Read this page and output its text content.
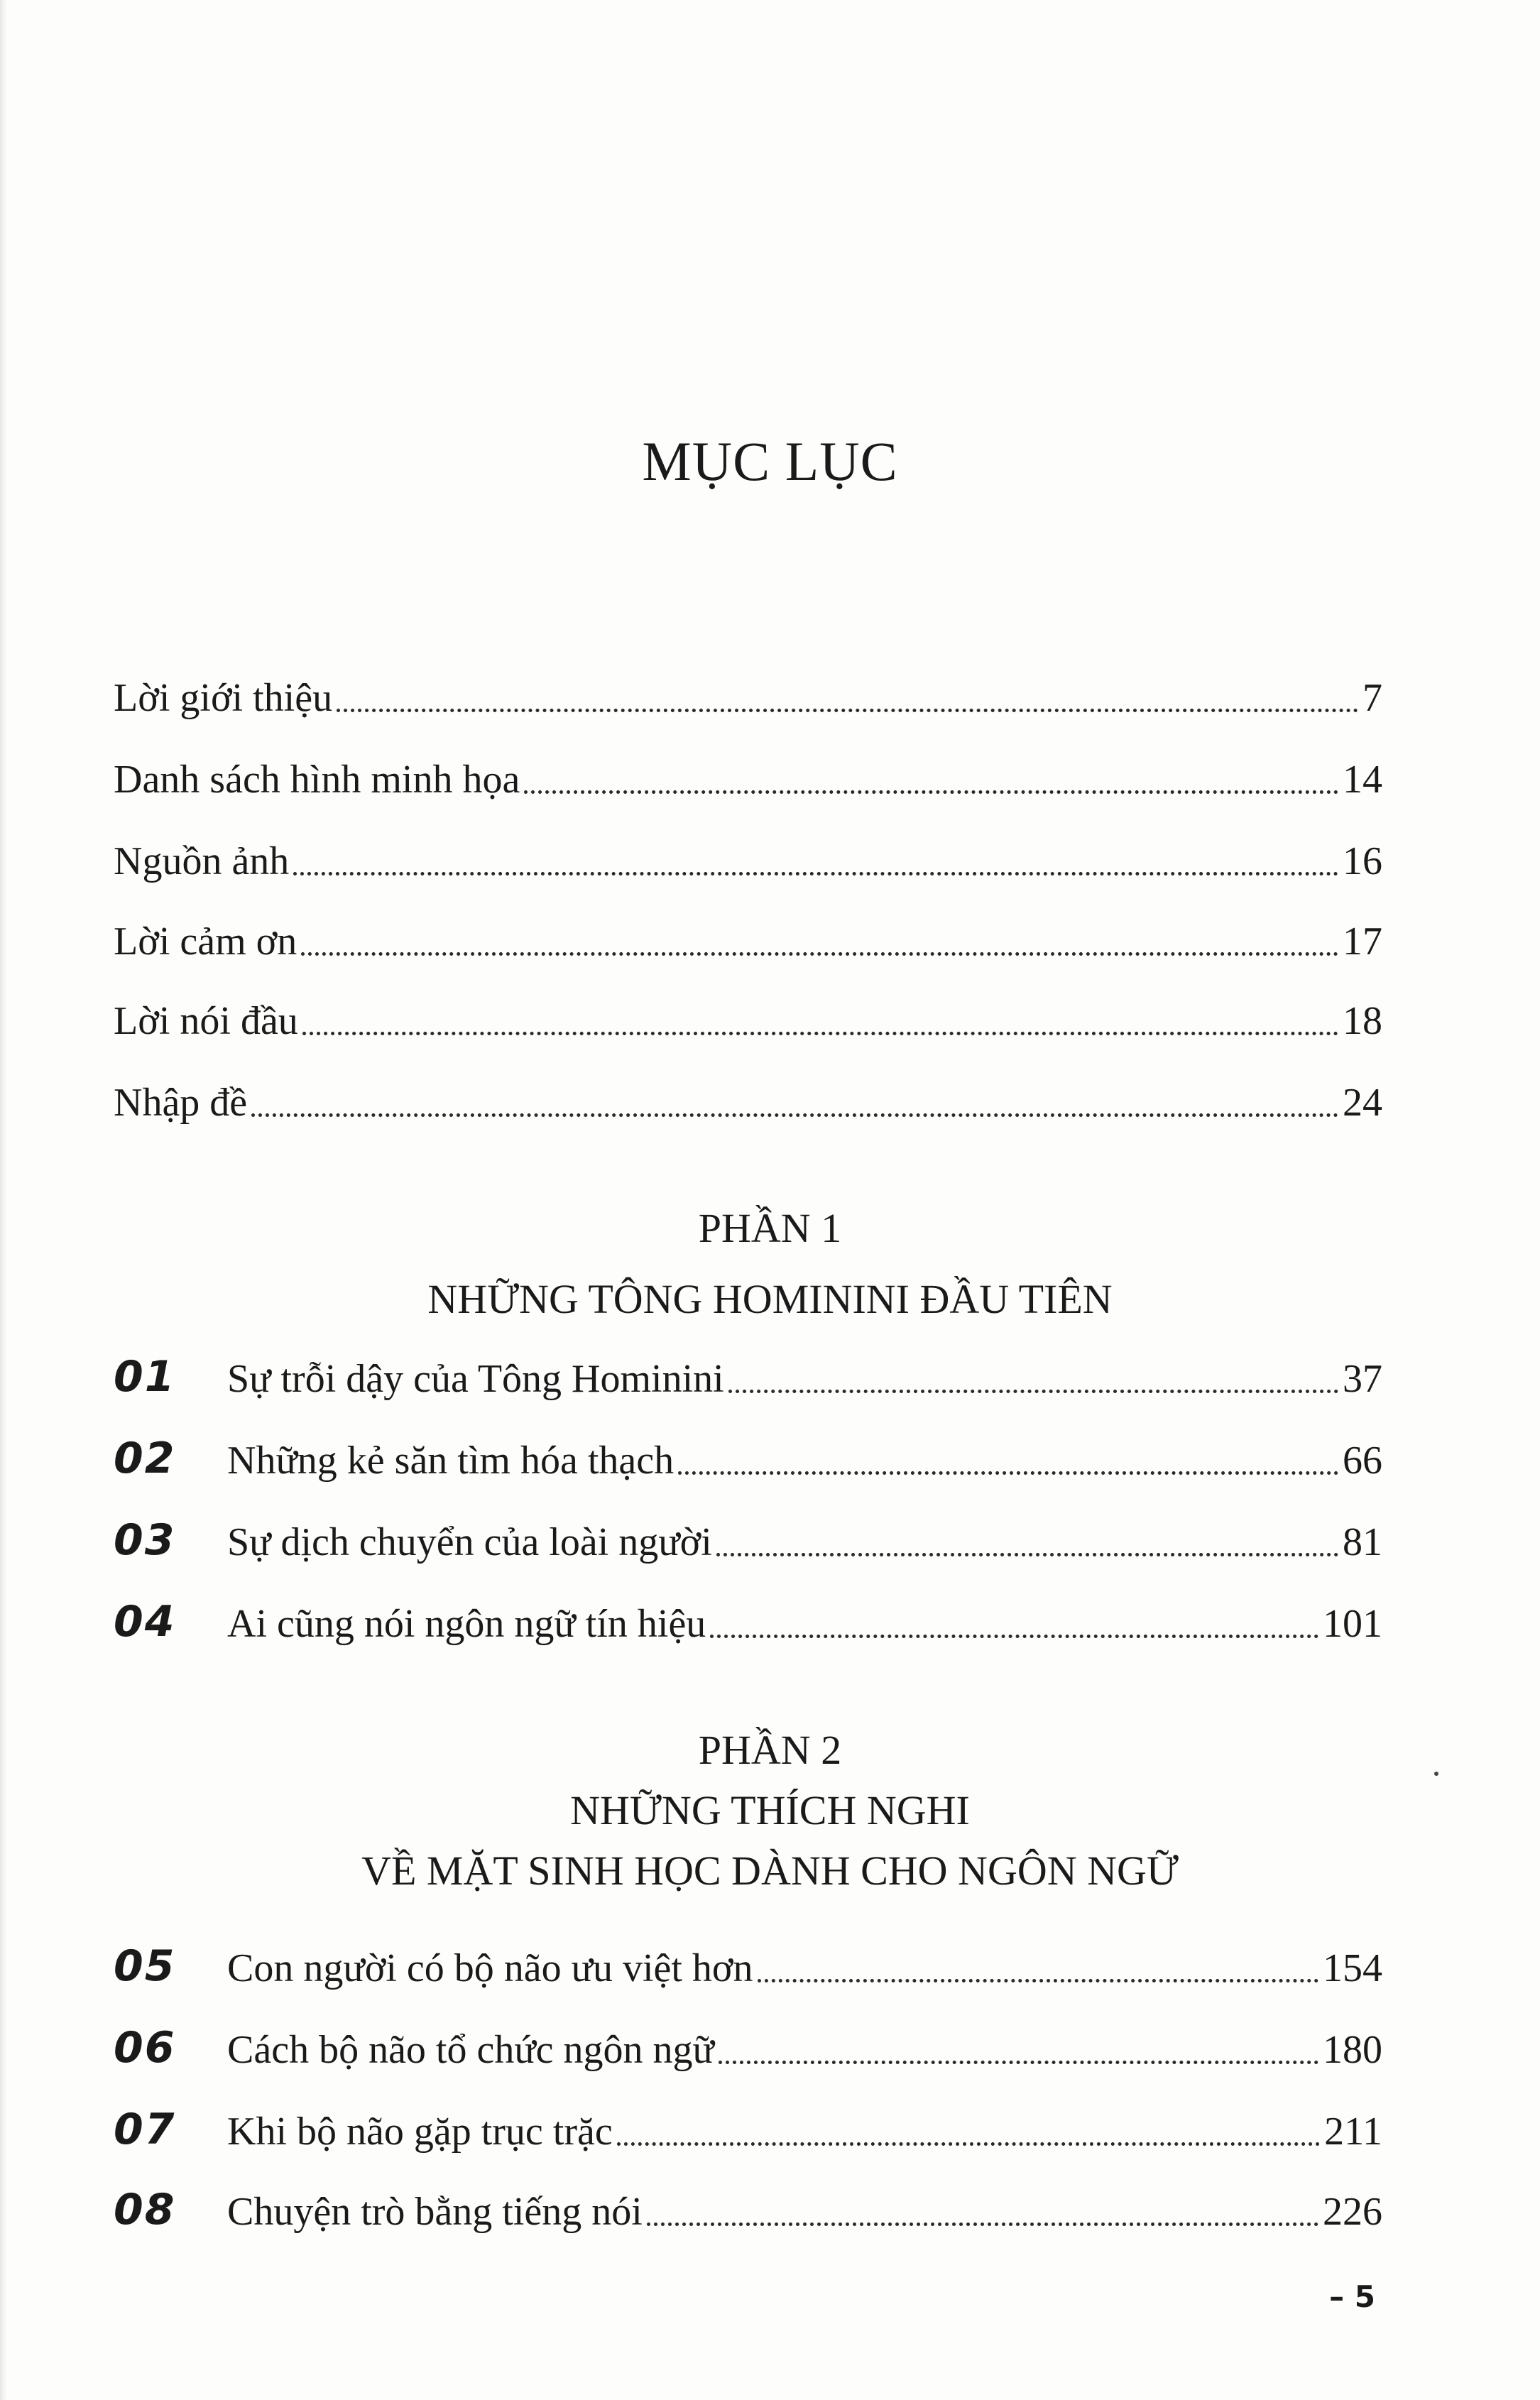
MỤC LỤC
Lời giới thiệu	7
Danh sách hình minh họa	14
Nguồn ảnh	16
Lời cảm ơn	17
Lời nói đầu	18
Nhập đề	24
PHẦN 1
NHỮNG TÔNG HOMININI ĐẦU TIÊN
01	Sự trỗi dậy của Tông Hominini	37
02	Những kẻ săn tìm hóa thạch	66
03	Sự dịch chuyển của loài người	81
04	Ai cũng nói ngôn ngữ tín hiệu	101
PHẦN 2
NHỮNG THÍCH NGHI
VỀ MẶT SINH HỌC DÀNH CHO NGÔN NGỮ
05	Con người có bộ não ưu việt hơn	154
06	Cách bộ não tổ chức ngôn ngữ	180
07	Khi bộ não gặp trục trặc	211
08	Chuyện trò bằng tiếng nói	226
– 5
